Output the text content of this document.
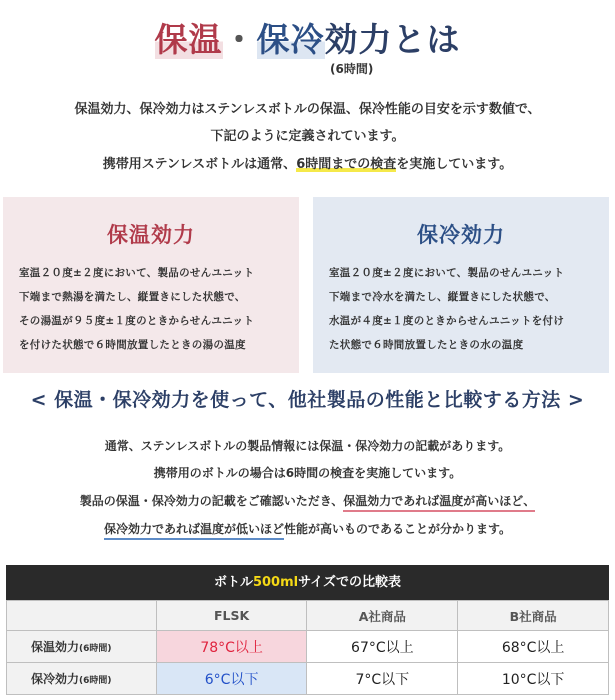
保温・保冷効力とは
(6時間)
保温効力、保冷効力はステンレスボトルの保温、保冷性能の目安を示す数値で、
下記のように定義されています。
携帯用ステンレスボトルは通常、6時間までの検査を実施しています。
保温効力

室温２０度±２度において、製品のせんユニット

下端まで熱湯を満たし、縦置きにした状態で、

その湯温が９５度±１度のときからせんユニット

を付けた状態で６時間放置したときの湯の温度

保冷効力

室温２０度±２度において、製品のせんユニット

下端まで冷水を満たし、縦置きにした状態で、

水温が４度±１度のときからせんユニットを付け

た状態で６時間放置したときの水の温度

< 保温・保冷効力を使って、他社製品の性能と比較する方法 >
通常、ステンレスボトルの製品情報には保温・保冷効力の記載があります。
携帯用のボトルの場合は6時間の検査を実施しています。
製品の保温・保冷効力の記載をご確認いただき、保温効力であれば温度が高いほど、
保冷効力であれば温度が低いほど性能が高いものであることが分かります。
ボトル500mlサイズでの比較表
	FLSK	A社商品	B社商品
保温効力(6時間)	78°C以上	67°C以上	68°C以上
保冷効力(6時間)	6°C以下	7°C以下	10°C以下
